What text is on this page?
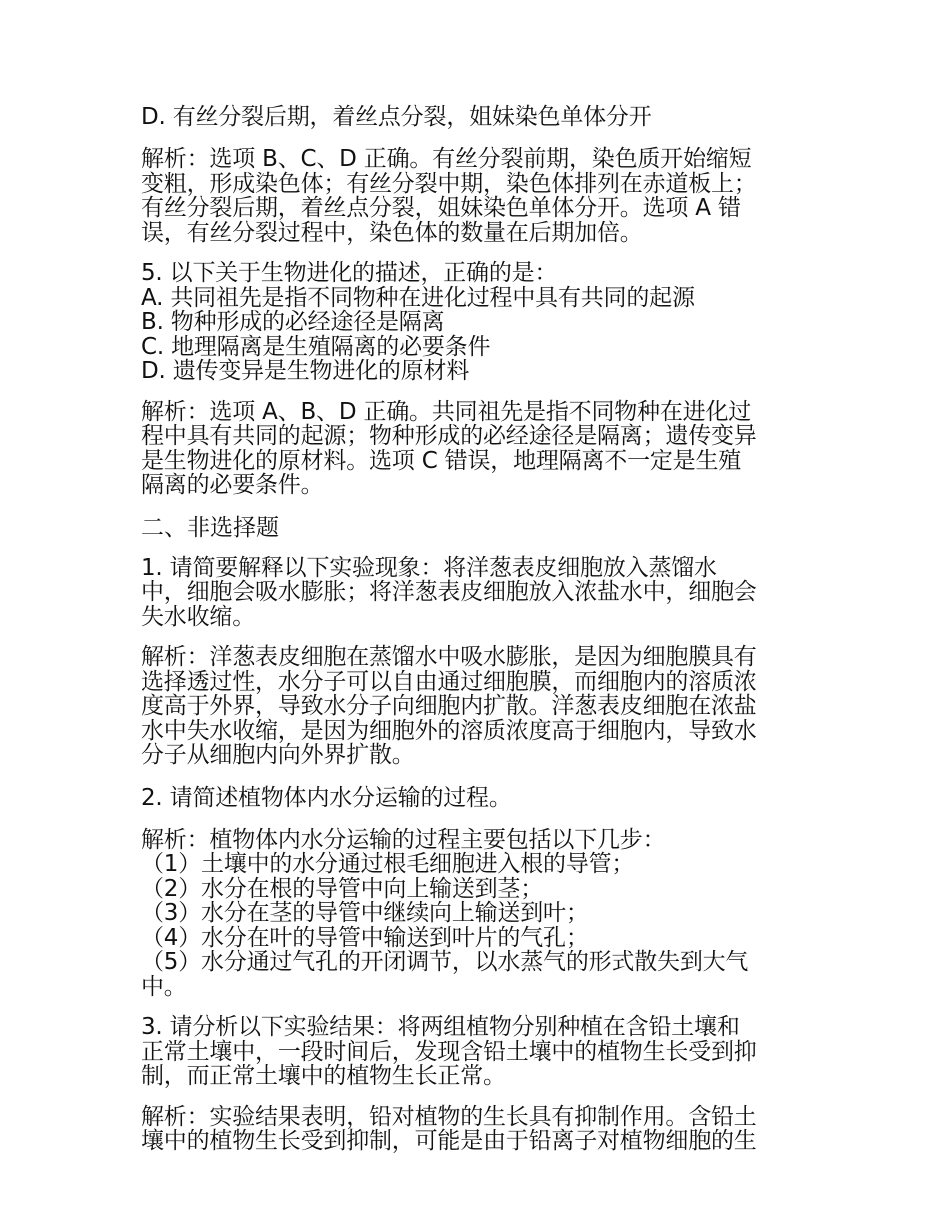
D. 有丝分裂后期，着丝点分裂，姐妹染色单体分开
解析：选项 B、C、D 正确。有丝分裂前期，染色质开始缩短
变粗，形成染色体；有丝分裂中期，染色体排列在赤道板上；
有丝分裂后期，着丝点分裂，姐妹染色单体分开。选项 A 错
误，有丝分裂过程中，染色体的数量在后期加倍。
5. 以下关于生物进化的描述，正确的是：
A. 共同祖先是指不同物种在进化过程中具有共同的起源
B. 物种形成的必经途径是隔离
C. 地理隔离是生殖隔离的必要条件
D. 遗传变异是生物进化的原材料
解析：选项 A、B、D 正确。共同祖先是指不同物种在进化过
程中具有共同的起源；物种形成的必经途径是隔离；遗传变异
是生物进化的原材料。选项 C 错误，地理隔离不一定是生殖
隔离的必要条件。
二、非选择题
1. 请简要解释以下实验现象：将洋葱表皮细胞放入蒸馏水
中，细胞会吸水膨胀；将洋葱表皮细胞放入浓盐水中，细胞会
失水收缩。
解析：洋葱表皮细胞在蒸馏水中吸水膨胀，是因为细胞膜具有
选择透过性，水分子可以自由通过细胞膜，而细胞内的溶质浓
度高于外界，导致水分子向细胞内扩散。洋葱表皮细胞在浓盐
水中失水收缩，是因为细胞外的溶质浓度高于细胞内，导致水
分子从细胞内向外界扩散。
2. 请简述植物体内水分运输的过程。
解析：植物体内水分运输的过程主要包括以下几步：
（1）土壤中的水分通过根毛细胞进入根的导管；
（2）水分在根的导管中向上输送到茎；
（3）水分在茎的导管中继续向上输送到叶；
（4）水分在叶的导管中输送到叶片的气孔；
（5）水分通过气孔的开闭调节，以水蒸气的形式散失到大气
中。
3. 请分析以下实验结果：将两组植物分别种植在含铅土壤和
正常土壤中，一段时间后，发现含铅土壤中的植物生长受到抑
制，而正常土壤中的植物生长正常。
解析：实验结果表明，铅对植物的生长具有抑制作用。含铅土
壤中的植物生长受到抑制，可能是由于铅离子对植物细胞的生
